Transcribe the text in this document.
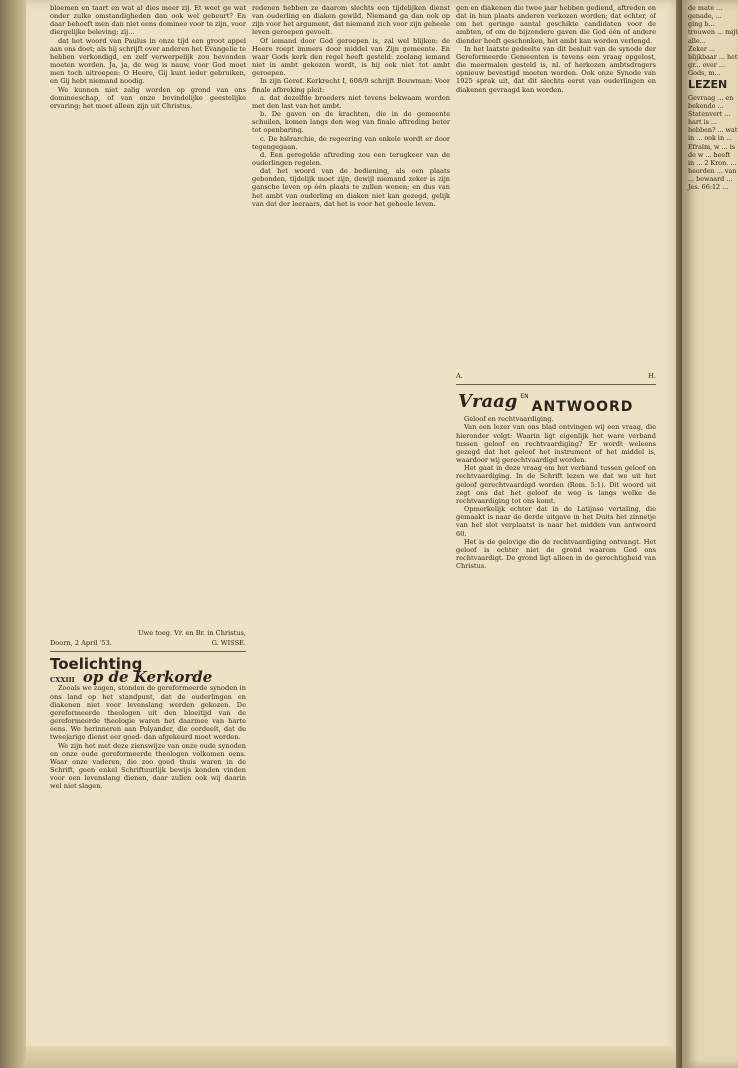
bloemen en taart en wat al dies meer zij. Et weet ge wat onder zulke omstandigheden dan ook wel gebeurt? En daar behoeft men dan niet eens dominee voor te zijn, voor diergelijke beleving; zij...

dat het woord van Paulus in onze tijd een groot appel aan ons doet; als hij schrijft over anderen het Evangelie te hebben verkondigd, en zelf verwerpelijk zou bevonden moeten worden. Ja, ja, de weg is nauw, voor God moet men toch uitroepen: O Heere, Gij kunt ieder gebruiken, en Gij hebt niemand noodig.

We kunnen niet zalig worden op grond van ons domineeschap, of van onze bevindelijke geestelijke ervaring; het moet alleen zijn uit Christus.

Uwe toeg. Vr. en Br. in Christus,
Doorn, 2 April '53.	G. WISSE.
Toelichting
CXXIII op de Kerkorde

Zooals we zagen, stonden de gereformeerde synoden in ons land op het standpunt, dat de ouderlingen en diakenen niet voor levenslang werden gekozen. De gereformeerde theologen uit den bloeitijd van de gereformeerde theologie waren het daarmee van harte eens. We herinneren aan Polyander, die oordeelt, dat de tweejarige dienst eer goed- dan afgekeurd moet worden.

We zijn het met deze zienswijze van onze oude synoden en onze oude gereformeerde theologen volkomen eens. Waar onze vaderen, die zoo goed thuis waren in de Schrift, geen enkel Schriftuurlijk bewijs konden vinden voor een levenslang dienen, daar zullen ook wij daarin wel niet slagen.

redenen hebben ze daarom slechts een tijdelijken dienst van ouderling en diaken gewild. Niemand ga dan ook op zijn voor het argument, dat niemand zich voor zijn geheele leven geroepen gevoelt.

Of iemand door God geroepen is, zal wel blijken: de Heere roept immers door middel van Zijn gemeente. En waar Gods kerk den regel heeft gesteld: zoolang iemand niet in ambt gekozen wordt, is hij ook niet tot ambt geroepen.

In zijn Geref. Kerkrecht I, 608/9 schrijft Bouwman: Voor finale afbreking pleit:

a. dat dezelfde broeders niet tevens bekwaam worden met den last van het ambt.

b. De gaven en de krachten, die in de gemeente schuilen, komen langs den weg van finale aftreding beter tot openbaring.

c. De hiërarchie, de regeering van enkele wordt er door tegengegaan.

d. Een geregelde aftreding zou een terugkeer van de ouderlingen regelen.

dat het woord van de bediening, als een plaats gebonden, tijdelijk moet zijn, dewijl niemand zeker is zijn gansche leven op één plaats te zullen wonen; en dus van het ambt van ouderling en diaken niet kan gezegd, gelijk van dat der leeraars, dat het is voor het geheele leven.

gen en diakenen die twee jaar hebben gediend, aftreden en dat in hun plaats anderen verkozen worden; dat echter, of om het geringe aantal geschikte candidaten voor de ambten, of om de bijzondere gaven die God één of andere diender heeft geschonken, het ambt kan worden verlengd.

In het laatste gedeelte van dit besluit van de synode der Gereformeerde Gemeenten is tevens een vraag opgelost, die meermalen gesteld is, nl. of herkozen ambtsdragers opnieuw bevestigd moeten worden. Ook onze Synode van 1925 sprak uit, dat dit slechts eerst van ouderlingen en diakenen gevraagd kan worden.

A.	H.
Vraag EN
ANTWOORD

Geloof en rechtvaardiging.

Van een lezer van ons blad ontvingen wij een vraag, die hieronder volgt: Waarin ligt eigenlijk het ware verband tussen geloof en rechtvaardiging? Er wordt weleens gezegd dat het geloof het instrument of het middel is, waardoor wij gerechtvaardigd worden.

Het gaat in deze vraag om het verband tussen geloof en rechtvaardiging. In de Schrift lezen we dat we uit het geloof gerechtvaardigd worden (Rom. 5:1). Dit woord uit zegt ons dat het geloof de weg is langs welke de rechtvaardiging tot ons komt.

Opmerkelijk echter dat in de Latijnse vertaling, die gemaakt is naar de derde uitgave in het Duits het zinnetje van het slot verplaatst is naar het midden van antwoord 60.

Het is de gelovige die de rechtvaardiging ontvangt. Het geloof is echter niet de grond waarom God ons rechtvaardigt. De grond ligt alleen in de gerechtigheid van Christus.

de mate ... genade, ... ging b... trouwen ... mijt alle...

Zeker ... blijkbaar ... het gr... over ... Gods, m...

LEZEN

Gevraag ... en bekende ... Statenvert ... hart is ... hebben? ... wat in ... ook in ...

Efraïm, w ... is de w ... heeft in ... 2 Kron. ...

heerden ... van ... bewaard ... Jes. 66:12 ...
